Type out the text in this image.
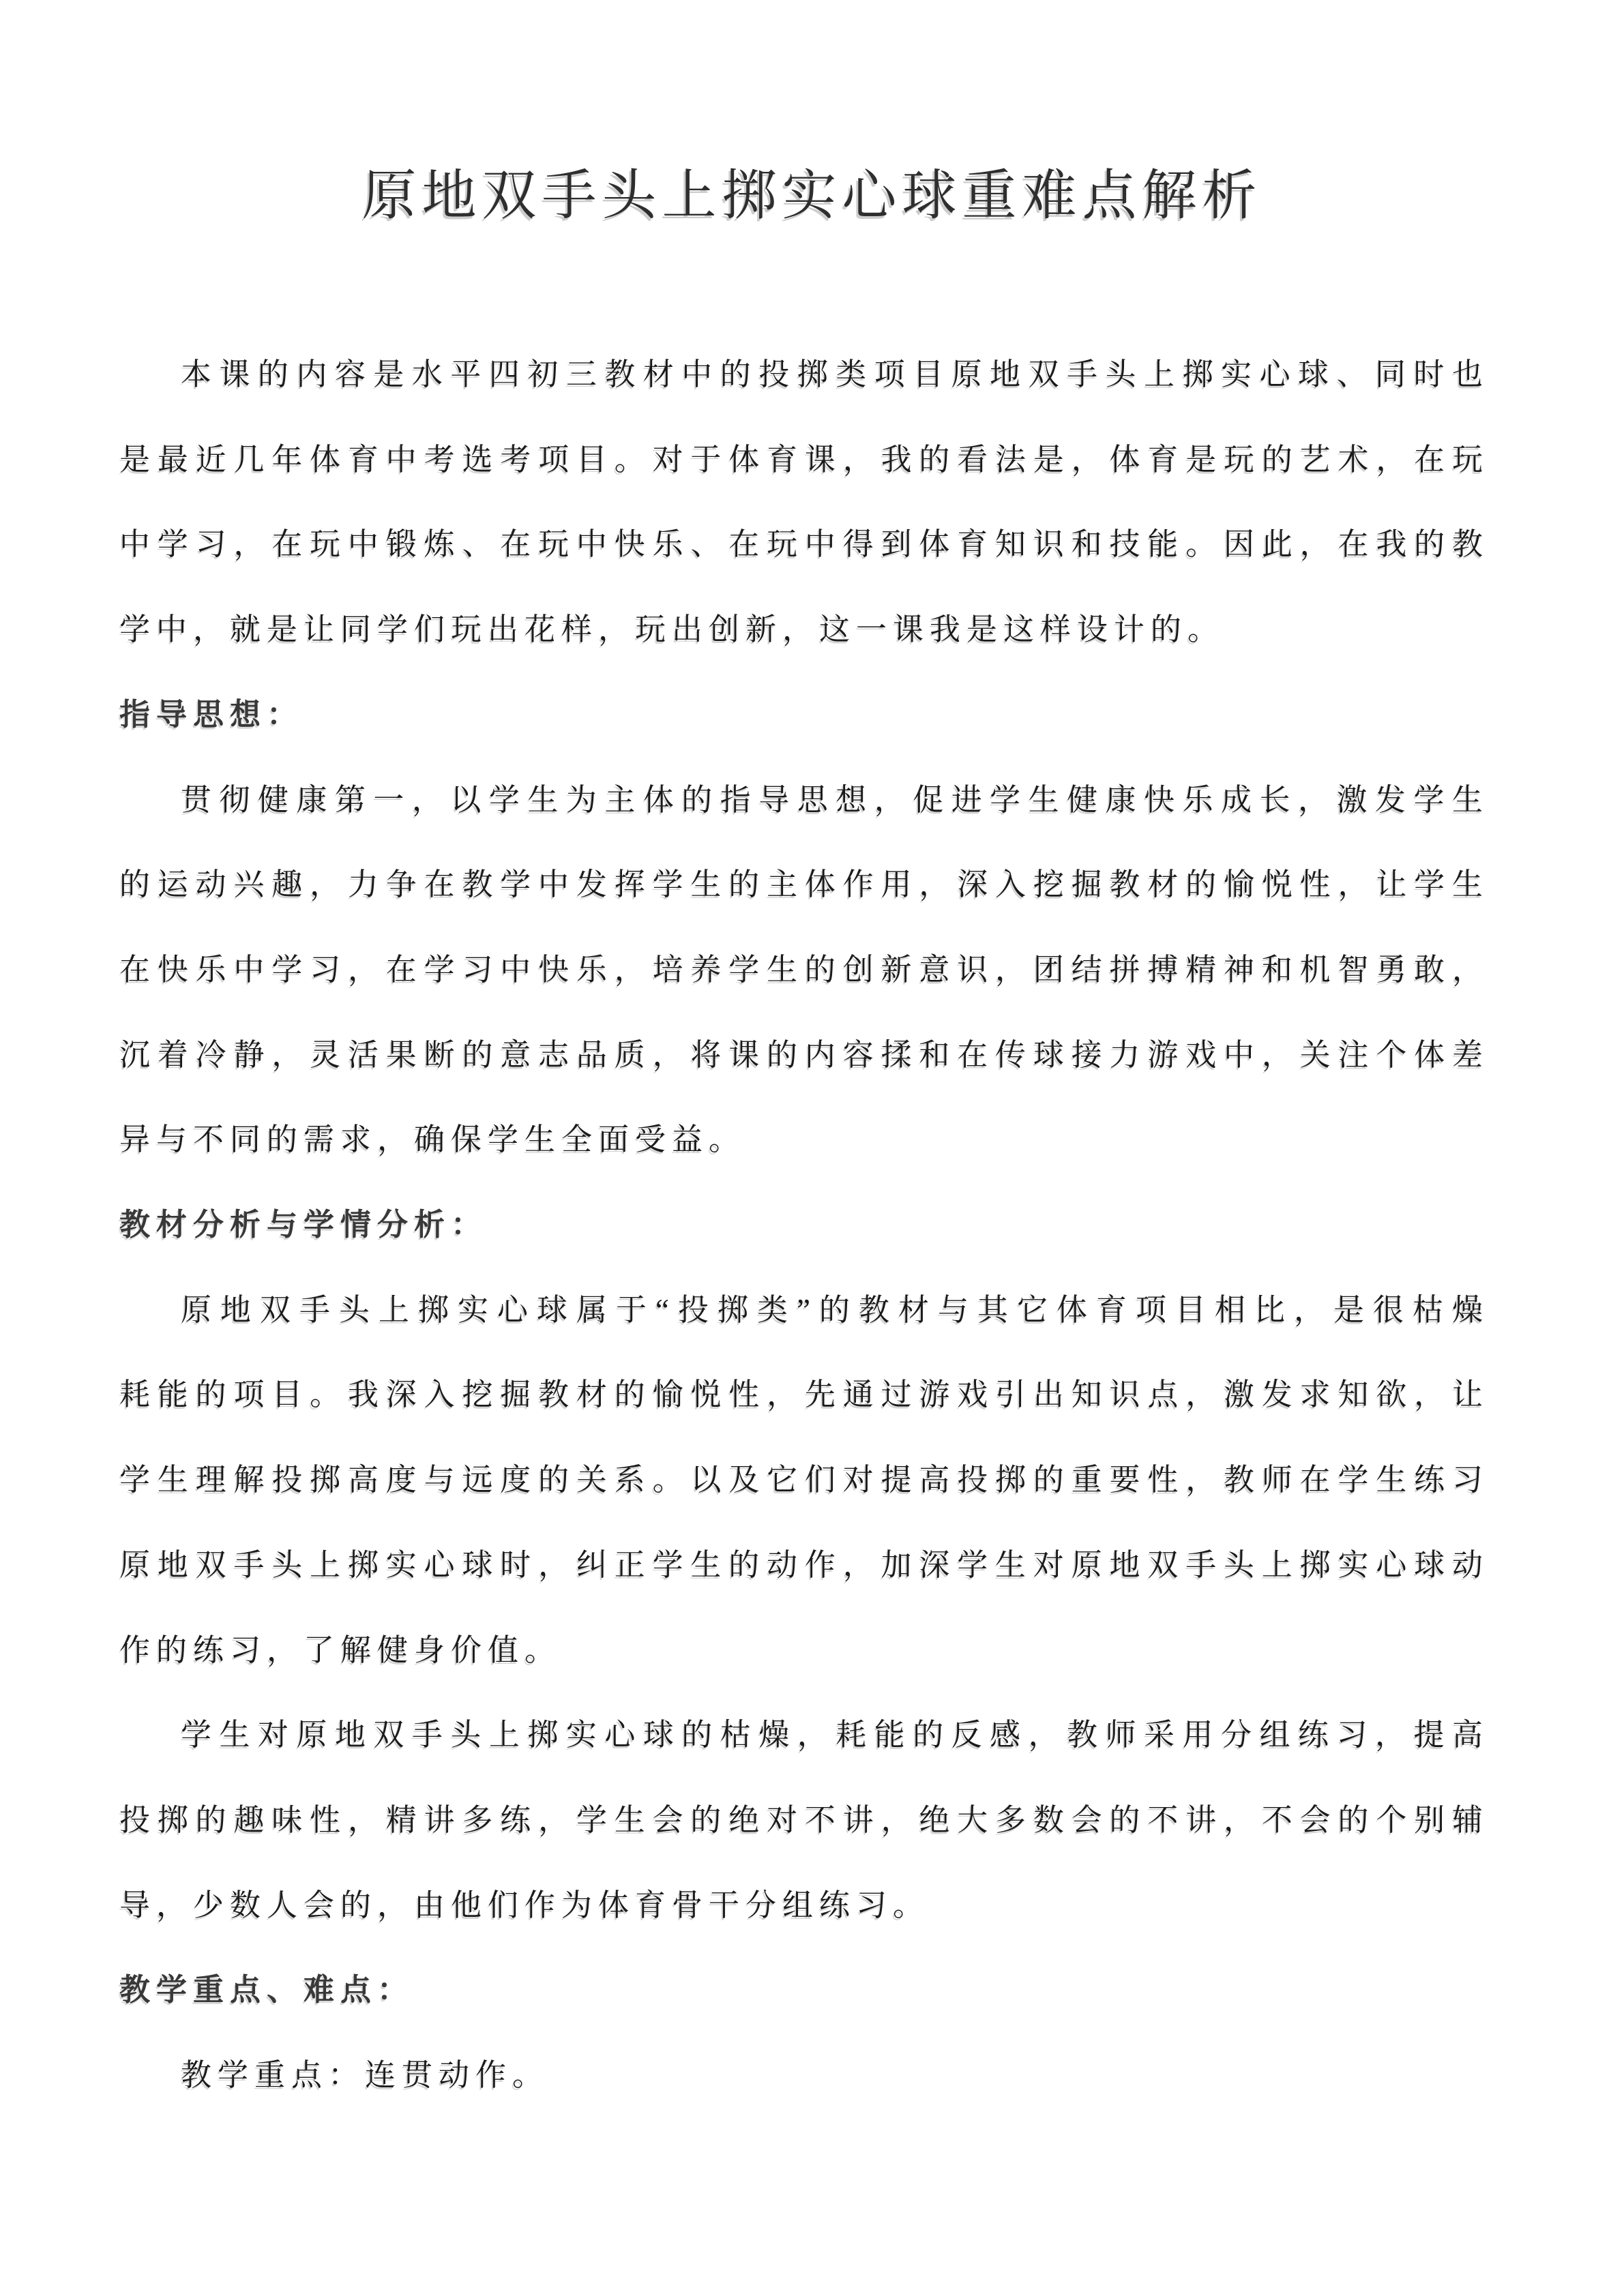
原地双手头上掷实心球重难点解析
本课的内容是水平四初三教材中的投掷类项目原地双手头上掷实心球、同时也
是最近几年体育中考选考项目。对于体育课，我的看法是，体育是玩的艺术，在玩
中学习，在玩中锻炼、在玩中快乐、在玩中得到体育知识和技能。因此，在我的教
学中，就是让同学们玩出花样，玩出创新，这一课我是这样设计的。
指导思想：
贯彻健康第一，以学生为主体的指导思想，促进学生健康快乐成长，激发学生
的运动兴趣，力争在教学中发挥学生的主体作用，深入挖掘教材的愉悦性，让学生
在快乐中学习，在学习中快乐，培养学生的创新意识，团结拼搏精神和机智勇敢，
沉着冷静，灵活果断的意志品质，将课的内容揉和在传球接力游戏中，关注个体差
异与不同的需求，确保学生全面受益。
教材分析与学情分析：
原地双手头上掷实心球属于“投掷类”的教材与其它体育项目相比，是很枯燥
耗能的项目。我深入挖掘教材的愉悦性，先通过游戏引出知识点，激发求知欲，让
学生理解投掷高度与远度的关系。以及它们对提高投掷的重要性，教师在学生练习
原地双手头上掷实心球时，纠正学生的动作，加深学生对原地双手头上掷实心球动
作的练习，了解健身价值。
学生对原地双手头上掷实心球的枯燥，耗能的反感，教师采用分组练习，提高
投掷的趣味性，精讲多练，学生会的绝对不讲，绝大多数会的不讲，不会的个别辅
导，少数人会的，由他们作为体育骨干分组练习。
教学重点、难点：
教学重点：连贯动作。
